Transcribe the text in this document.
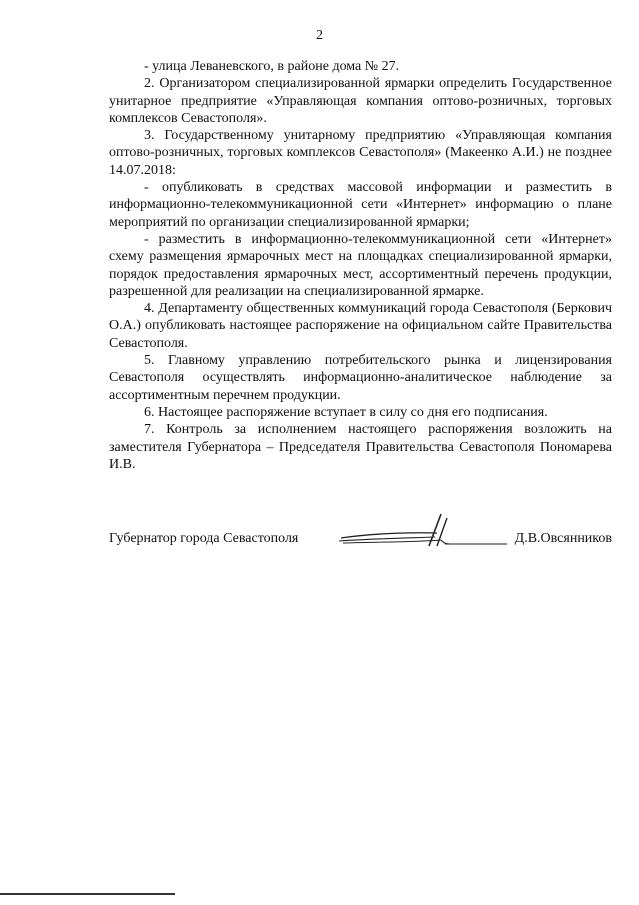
2

- улица Леваневского, в районе дома № 27.

2. Организатором специализированной ярмарки определить Государственное унитарное предприятие «Управляющая компания оптово-розничных, торговых комплексов Севастополя».

3. Государственному унитарному предприятию «Управляющая компания оптово-розничных, торговых комплексов Севастополя» (Макеенко А.И.) не позднее 14.07.2018:

- опубликовать в средствах массовой информации и разместить в информационно-телекоммуникационной сети «Интернет» информацию о плане мероприятий по организации специализированной ярмарки;

- разместить в информационно-телекоммуникационной сети «Интернет» схему размещения ярмарочных мест на площадках специализированной ярмарки, порядок предоставления ярмарочных мест, ассортиментный перечень продукции, разрешенной для реализации на специализированной ярмарке.

4. Департаменту общественных коммуникаций города Севастополя (Беркович О.А.) опубликовать настоящее распоряжение на официальном сайте Правительства Севастополя.

5. Главному управлению потребительского рынка и лицензирования Севастополя осуществлять информационно-аналитическое наблюдение за ассортиментным перечнем продукции.

6. Настоящее распоряжение вступает в силу со дня его подписания.

7. Контроль за исполнением настоящего распоряжения возложить на заместителя Губернатора – Председателя Правительства Севастополя Пономарева И.В.

Губернатор города Севастополя	Д.В.Овсянников
